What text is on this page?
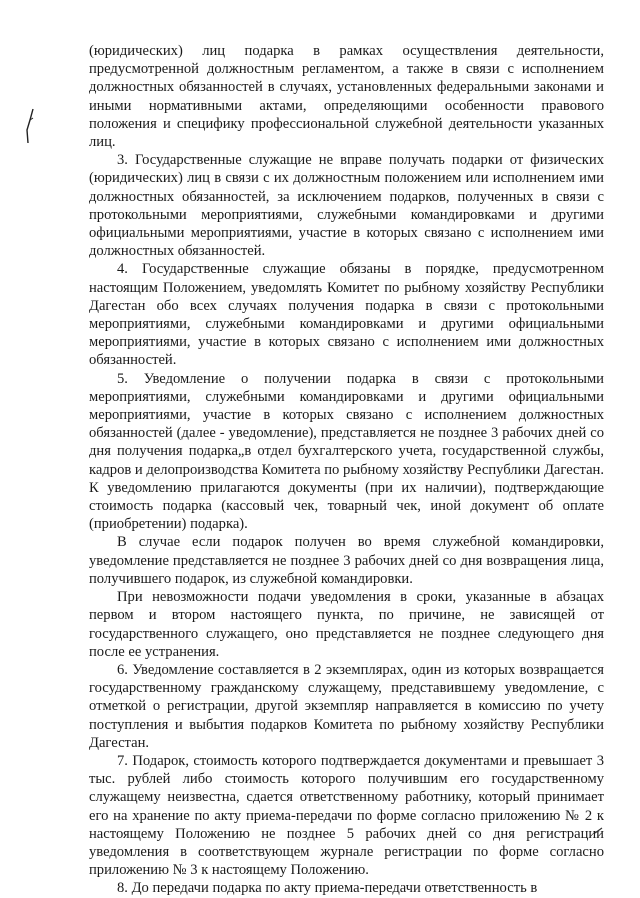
(юридических) лиц подарка в рамках осуществления деятельности, предусмотренной должностным регламентом, а также в связи с исполнением должностных обязанностей в случаях, установленных федеральными законами и иными нормативными актами, определяющими особенности правового положения и специфику профессиональной служебной деятельности указанных лиц.

3. Государственные служащие не вправе получать подарки от физических (юридических) лиц в связи с их должностным положением или исполнением ими должностных обязанностей, за исключением подарков, полученных в связи с протокольными мероприятиями, служебными командировками и другими официальными мероприятиями, участие в которых связано с исполнением ими должностных обязанностей.

4. Государственные служащие обязаны в порядке, предусмотренном настоящим Положением, уведомлять Комитет по рыбному хозяйству Республики Дагестан обо всех случаях получения подарка в связи с протокольными мероприятиями, служебными командировками и другими официальными мероприятиями, участие в которых связано с исполнением ими должностных обязанностей.

5. Уведомление о получении подарка в связи с протокольными мероприятиями, служебными командировками и другими официальными мероприятиями, участие в которых связано с исполнением должностных обязанностей (далее - уведомление), представляется не позднее 3 рабочих дней со дня получения подарка„в отдел бухгалтерского учета, государственной службы, кадров и делопроизводства Комитета по рыбному хозяйству Республики Дагестан. К уведомлению прилагаются документы (при их наличии), подтверждающие стоимость подарка (кассовый чек, товарный чек, иной документ об оплате (приобретении) подарка).

В случае если подарок получен во время служебной командировки, уведомление представляется не позднее 3 рабочих дней со дня возвращения лица, получившего подарок, из служебной командировки.

При невозможности подачи уведомления в сроки, указанные в абзацах первом и втором настоящего пункта, по причине, не зависящей от государственного служащего, оно представляется не позднее следующего дня после ее устранения.

6. Уведомление составляется в 2 экземплярах, один из которых возвращается государственному гражданскому служащему, представившему уведомление, с отметкой о регистрации, другой экземпляр направляется в комиссию по учету поступления и выбытия подарков Комитета по рыбному хозяйству Республики Дагестан.

7. Подарок, стоимость которого подтверждается документами и превышает 3 тыс. рублей либо стоимость которого получившим его государственному служащему неизвестна, сдается ответственному работнику, который принимает его на хранение по акту приема-передачи по форме согласно приложению № 2 к настоящему Положению не позднее 5 рабочих дней со дня регистрации уведомления в соответствующем журнале регистрации по форме согласно приложению № 3 к настоящему Положению.

8. До передачи подарка по акту приема-передачи ответственность в
